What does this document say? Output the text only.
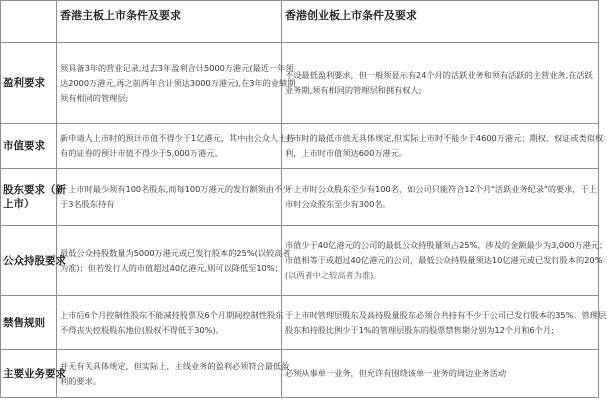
	香港主板上市条件及要求	香港创业板上市条件及要求

盈利要求	须具备3年的营业记录,过去3年盈利合计5000万港元(最近一年须
达2000万港元,再之前两年合计须达3000万港元),在3年的业绩期
须有相同的管理层;	不设最低盈利要求，但一般须显示有24个月的活跃业务和须有活跃的主营业务,在活跃
业务期,须有相同的管理层和拥有权人;

市值要求	新申请人上市时的预计市值不得少于1亿港元，其中由公众人士持
有的证券的预计市值不得少于5,000万港元。	上市时的最低市值无具体规定,但实际上市时不能少于4600万港元；期权、权证或类似权
利，上市时市值须达600万港元。

股东要求（新
上市）	于上市时最少须有100名股东,而每100万港元的发行额须由不少
于3名股东持有	于上市时公众股东至少有100名，如公司只能符合12个月"活跃业务纪录"的要求，于上
市时公众股东至少有300名。

公众持股要求	最低公众持股数量为5000万港元或已发行股本的25%(以较高者
为准)；但若发行人的市值超过40亿港元,则可以降低至10%；	市值少于40亿港元的公司的最低公众持股量须占25%，涉及的金额最少为3,000万港元；
市值相等于或超过40亿港元的公司，最低公众持股量须达10亿港元或已发行股本的20%
(以两者中之较高者为准)。

禁售规则	上市后6个月控制性股东不能减持股票及6个月期间控制性股东
不得丧失控股股东地位(股权不得低于30%)。	于上市时管理层股东及高持股量股东必须合共持有不少于公司已发行股本的35%。管理层
股东和持股比例少于1%的管理层股东的股票禁售期分别为12个月和6个月;

主要业务要求	并无有关具体规定，但实际上，主线业务的盈利必须符合最低盈
利的要求。	必须从事单一业务，但允许有围绕该单一业务的周边业务活动
